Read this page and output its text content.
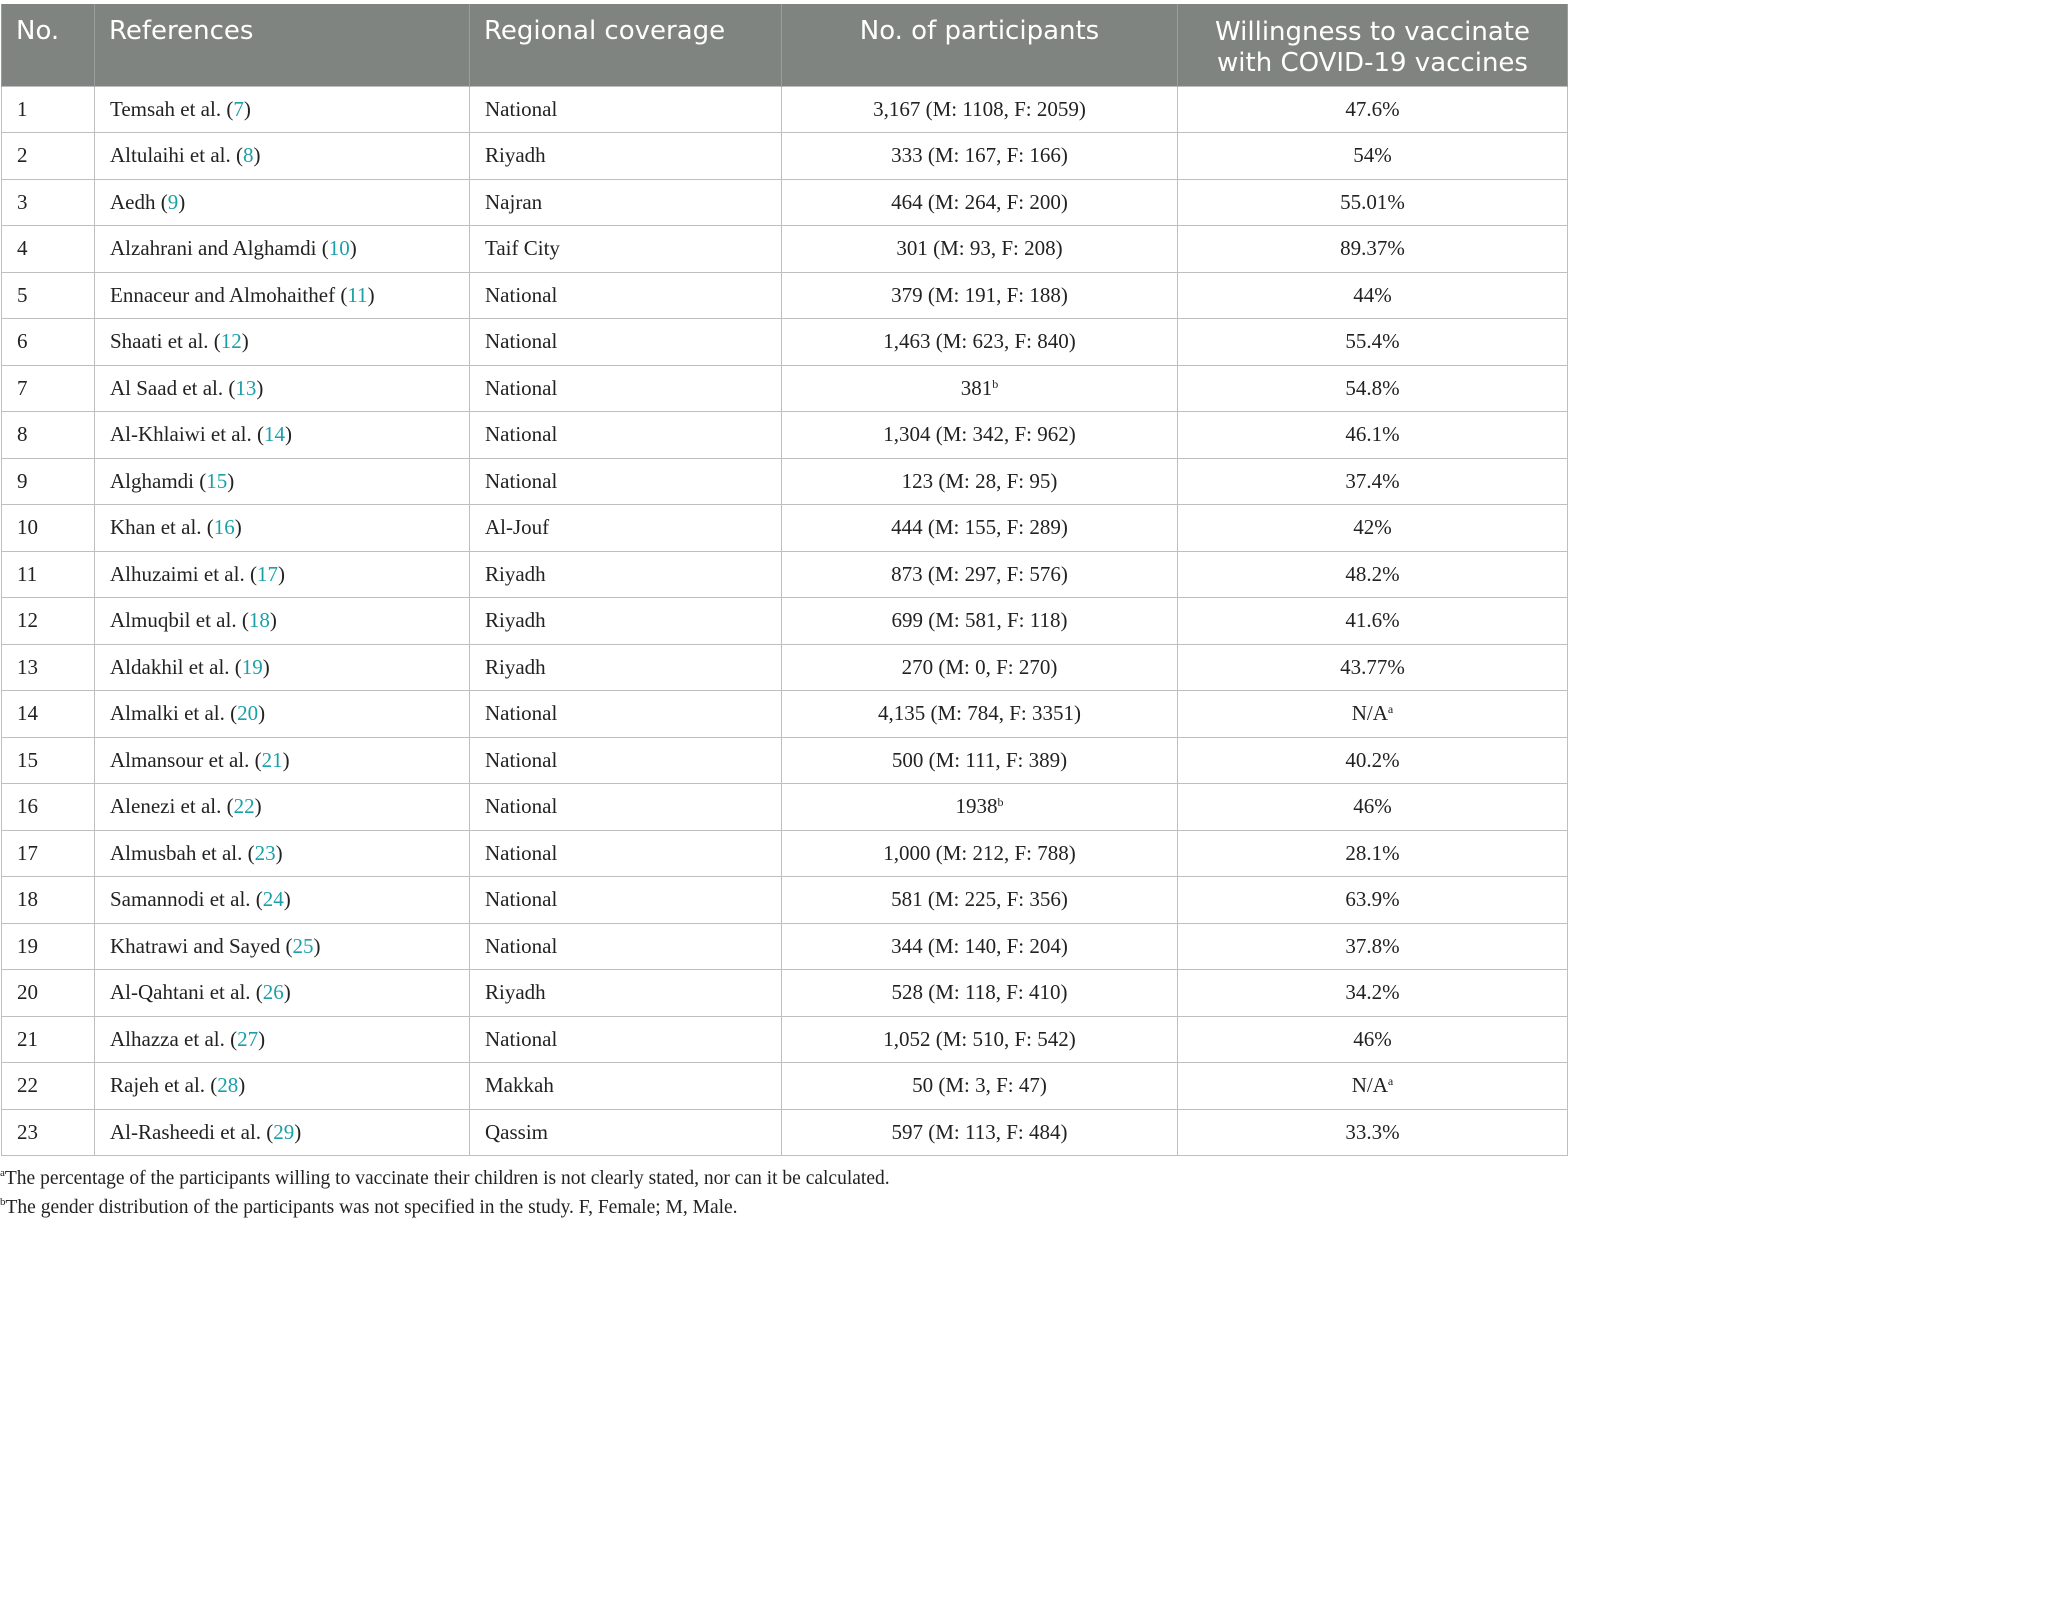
No.	References	Regional coverage	No. of participants	Willingness to vaccinate
with COVID-19 vaccines

1	Temsah et al. (7)	National	3,167 (M: 1108, F: 2059)	47.6%
2	Altulaihi et al. (8)	Riyadh	333 (M: 167, F: 166)	54%
3	Aedh (9)	Najran	464 (M: 264, F: 200)	55.01%
4	Alzahrani and Alghamdi (10)	Taif City	301 (M: 93, F: 208)	89.37%
5	Ennaceur and Almohaithef (11)	National	379 (M: 191, F: 188)	44%
6	Shaati et al. (12)	National	1,463 (M: 623, F: 840)	55.4%
7	Al Saad et al. (13)	National	381$^b$	54.8%
8	Al-Khlaiwi et al. (14)	National	1,304 (M: 342, F: 962)	46.1%
9	Alghamdi (15)	National	123 (M: 28, F: 95)	37.4%
10	Khan et al. (16)	Al-Jouf	444 (M: 155, F: 289)	42%
11	Alhuzaimi et al. (17)	Riyadh	873 (M: 297, F: 576)	48.2%
12	Almuqbil et al. (18)	Riyadh	699 (M: 581, F: 118)	41.6%
13	Aldakhil et al. (19)	Riyadh	270 (M: 0, F: 270)	43.77%
14	Almalki et al. (20)	National	4,135 (M: 784, F: 3351)	N/A$^a$
15	Almansour et al. (21)	National	500 (M: 111, F: 389)	40.2%
16	Alenezi et al. (22)	National	1938$^b$	46%
17	Almusbah et al. (23)	National	1,000 (M: 212, F: 788)	28.1%
18	Samannodi et al. (24)	National	581 (M: 225, F: 356)	63.9%
19	Khatrawi and Sayed (25)	National	344 (M: 140, F: 204)	37.8%
20	Al-Qahtani et al. (26)	Riyadh	528 (M: 118, F: 410)	34.2%
21	Alhazza et al. (27)	National	1,052 (M: 510, F: 542)	46%
22	Rajeh et al. (28)	Makkah	50 (M: 3, F: 47)	N/A$^a$
23	Al-Rasheedi et al. (29)	Qassim	597 (M: 113, F: 484)	33.3%
$^a$The percentage of the participants willing to vaccinate their children is not clearly stated, nor can it be calculated.
$^b$The gender distribution of the participants was not specified in the study. F, Female; M, Male.
